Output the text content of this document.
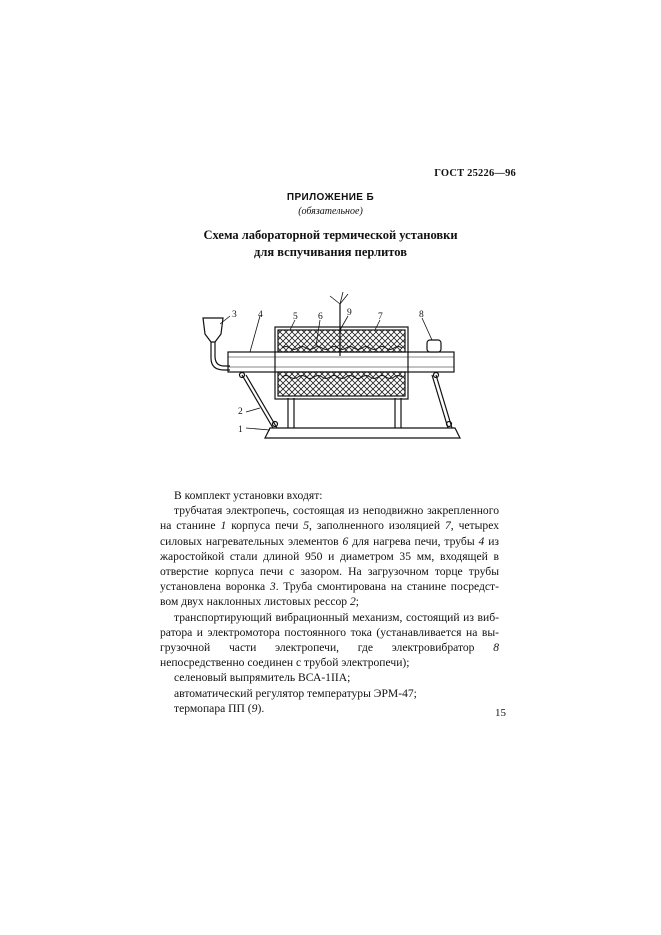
ГОСТ 25226—96
ПРИЛОЖЕНИЕ Б
(обязательное)
Схема лабораторной термической установки
для вспучивания перлитов
1
2
3 4	5 6	7	8
9

В комплект установки входят:

трубчатая электропечь, состоящая из неподвижно закрепленного на станине 1 корпуса печи 5, заполненного изоляцией 7, четырех силовых нагревательных элементов 6 для нагрева печи, трубы 4 из жаростойкой стали длиной 950 и диаметром 35 мм, входящей в отверстие корпуса печи с зазором. На загрузочном торце трубы установлена воронка 3. Труба смонтирована на станине посредством двух наклонных листовых рессор 2;

транспортирующий вибрационный механизм, состоящий из вибратора и электромотора постоянного тока (устанавливается на выгрузочной части электропечи, где электровибратор 8 непосредственно соединен с трубой электропечи);

селеновый выпрямитель ВСА-1IIА;

автоматический регулятор температуры ЭРМ-47;

термопара ПП (9).	15
